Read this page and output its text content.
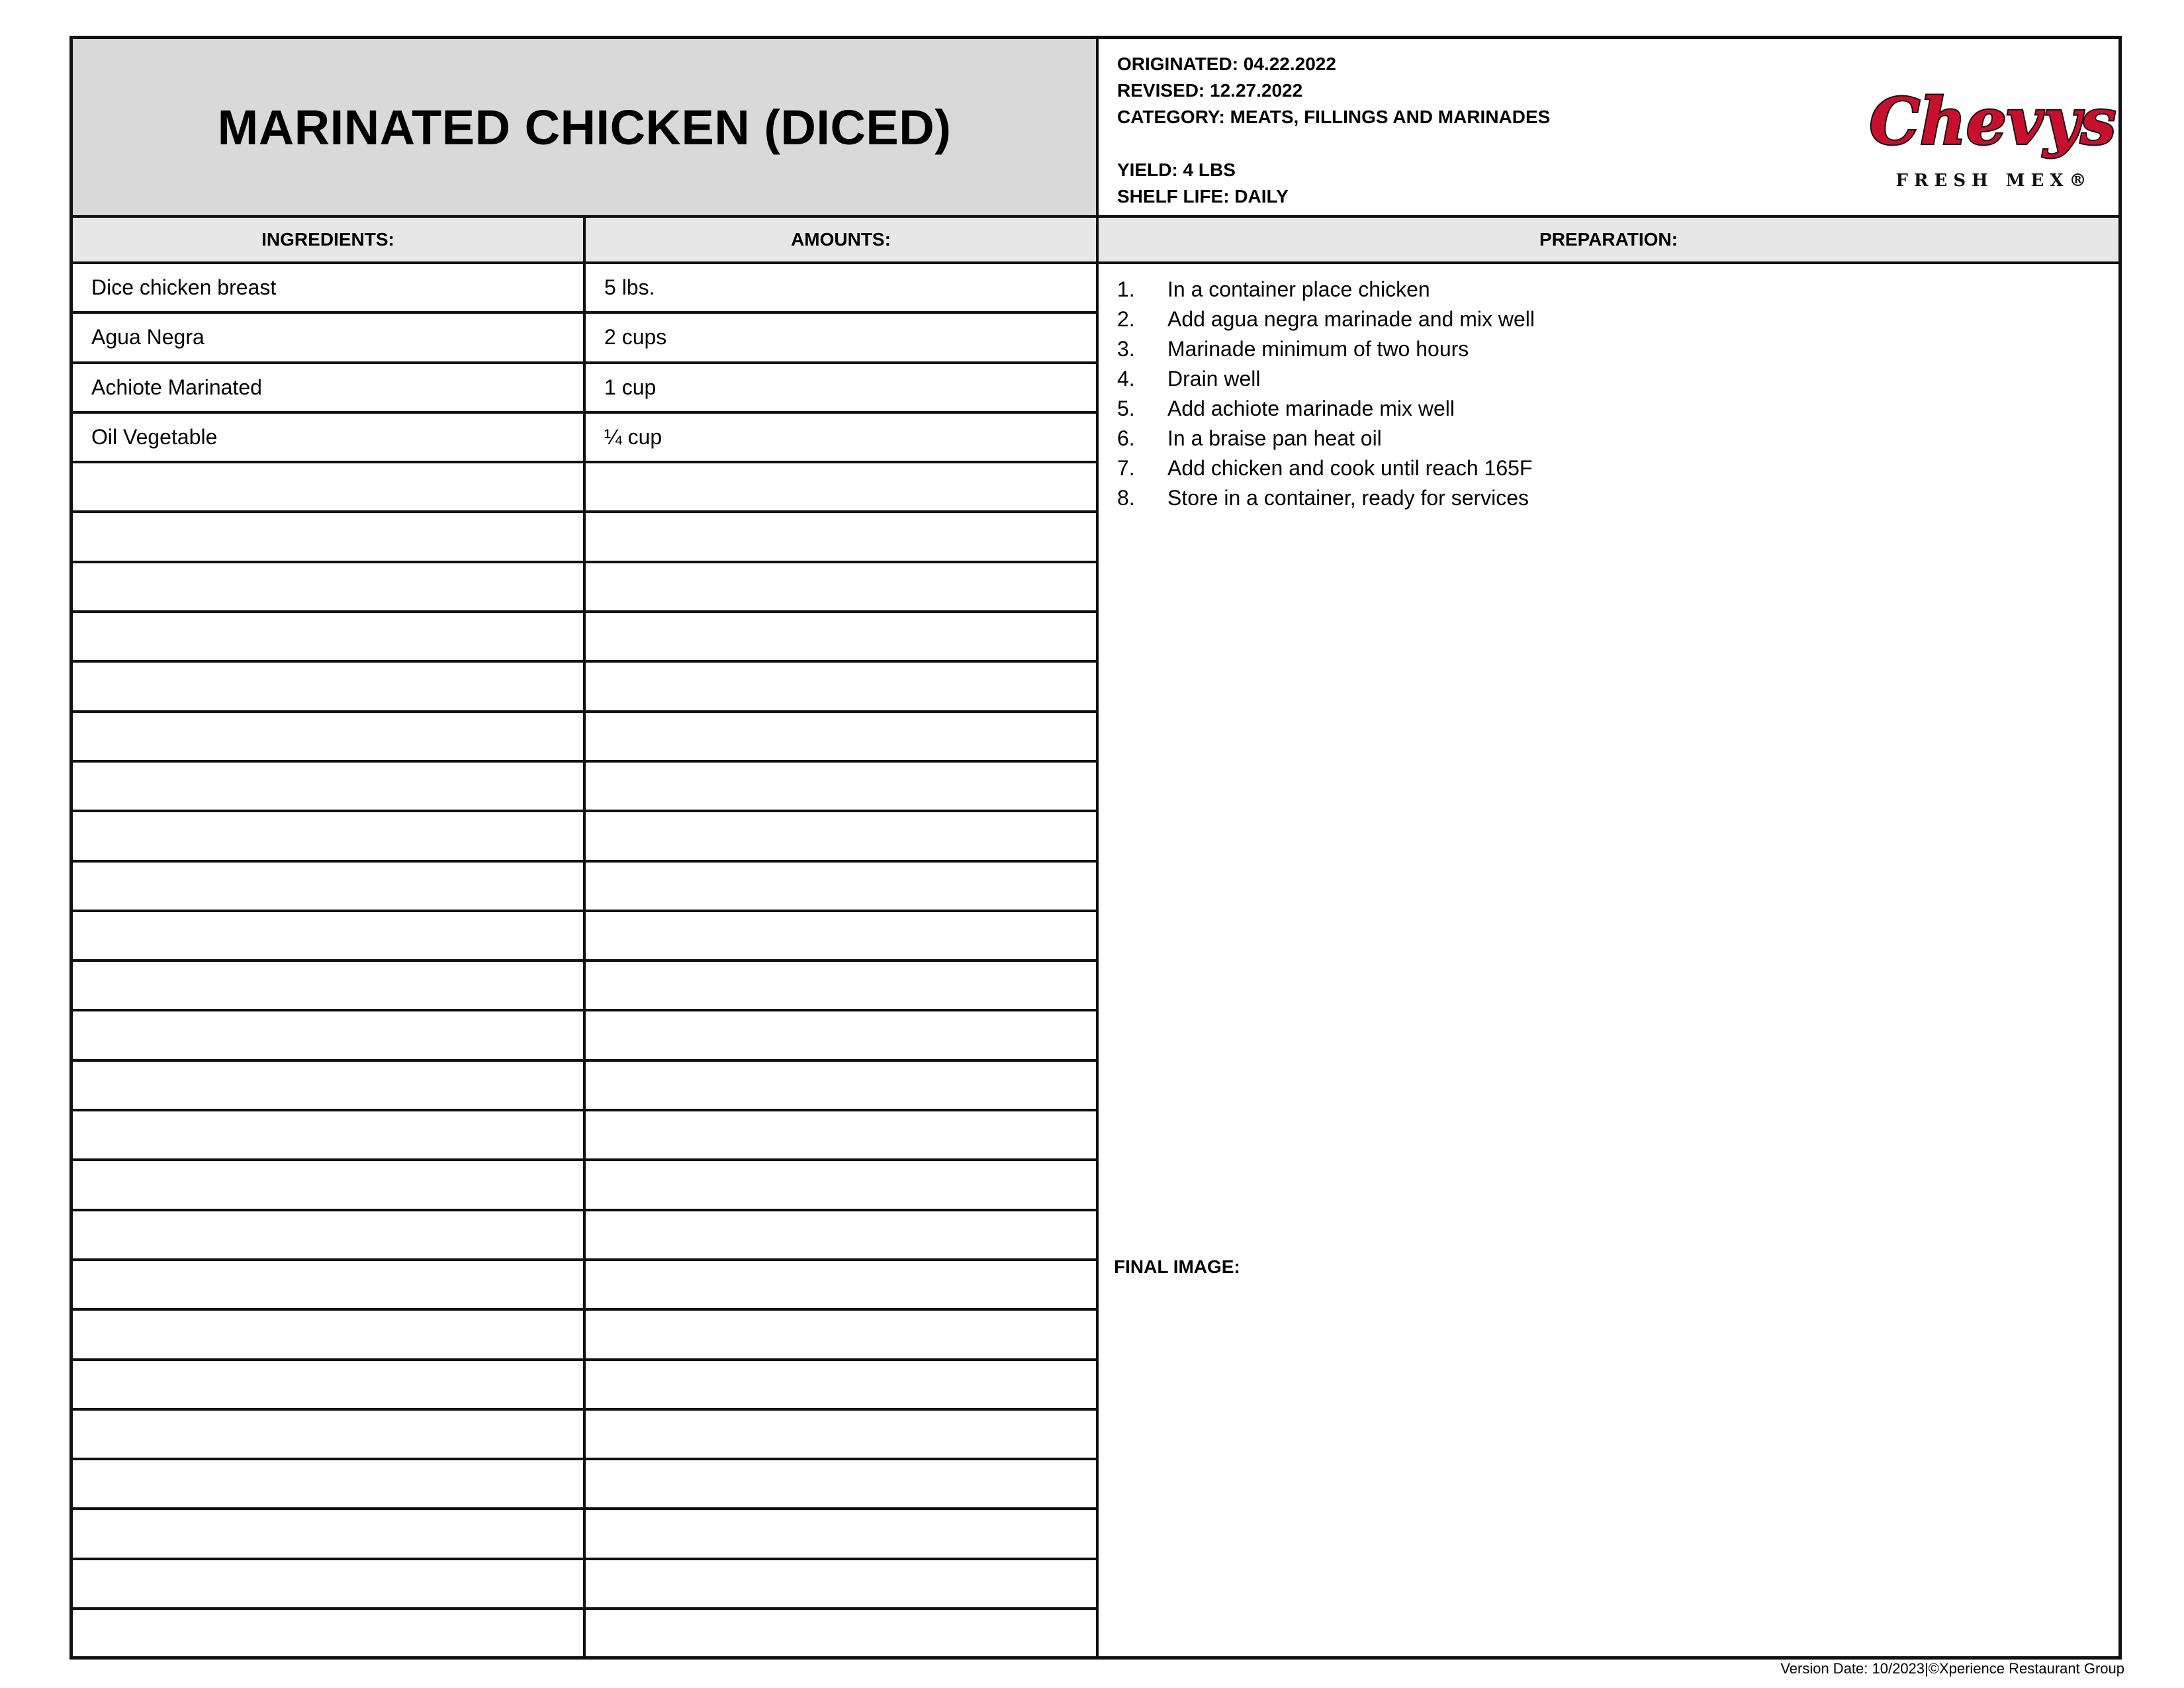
MARINATED CHICKEN (DICED)
ORIGINATED: 04.22.2022
REVISED: 12.27.2022
CATEGORY: MEATS, FILLINGS AND MARINADES
YIELD: 4 LBS
SHELF LIFE: DAILY
Chevys
FRESH MEX®
INGREDIENTS:	AMOUNTS:	PREPARATION:
Dice chicken breast	5 lbs.
Agua Negra	2 cups
Achiote Marinated	1 cup
Oil Vegetable	¼ cup
1. In a container place chicken
2. Add agua negra marinade and mix well
3. Marinade minimum of two hours
4. Drain well
5. Add achiote marinade mix well
6. In a braise pan heat oil
7. Add chicken and cook until reach 165F
8. Store in a container, ready for services
FINAL IMAGE:
Version Date: 10/2023|©Xperience Restaurant Group
